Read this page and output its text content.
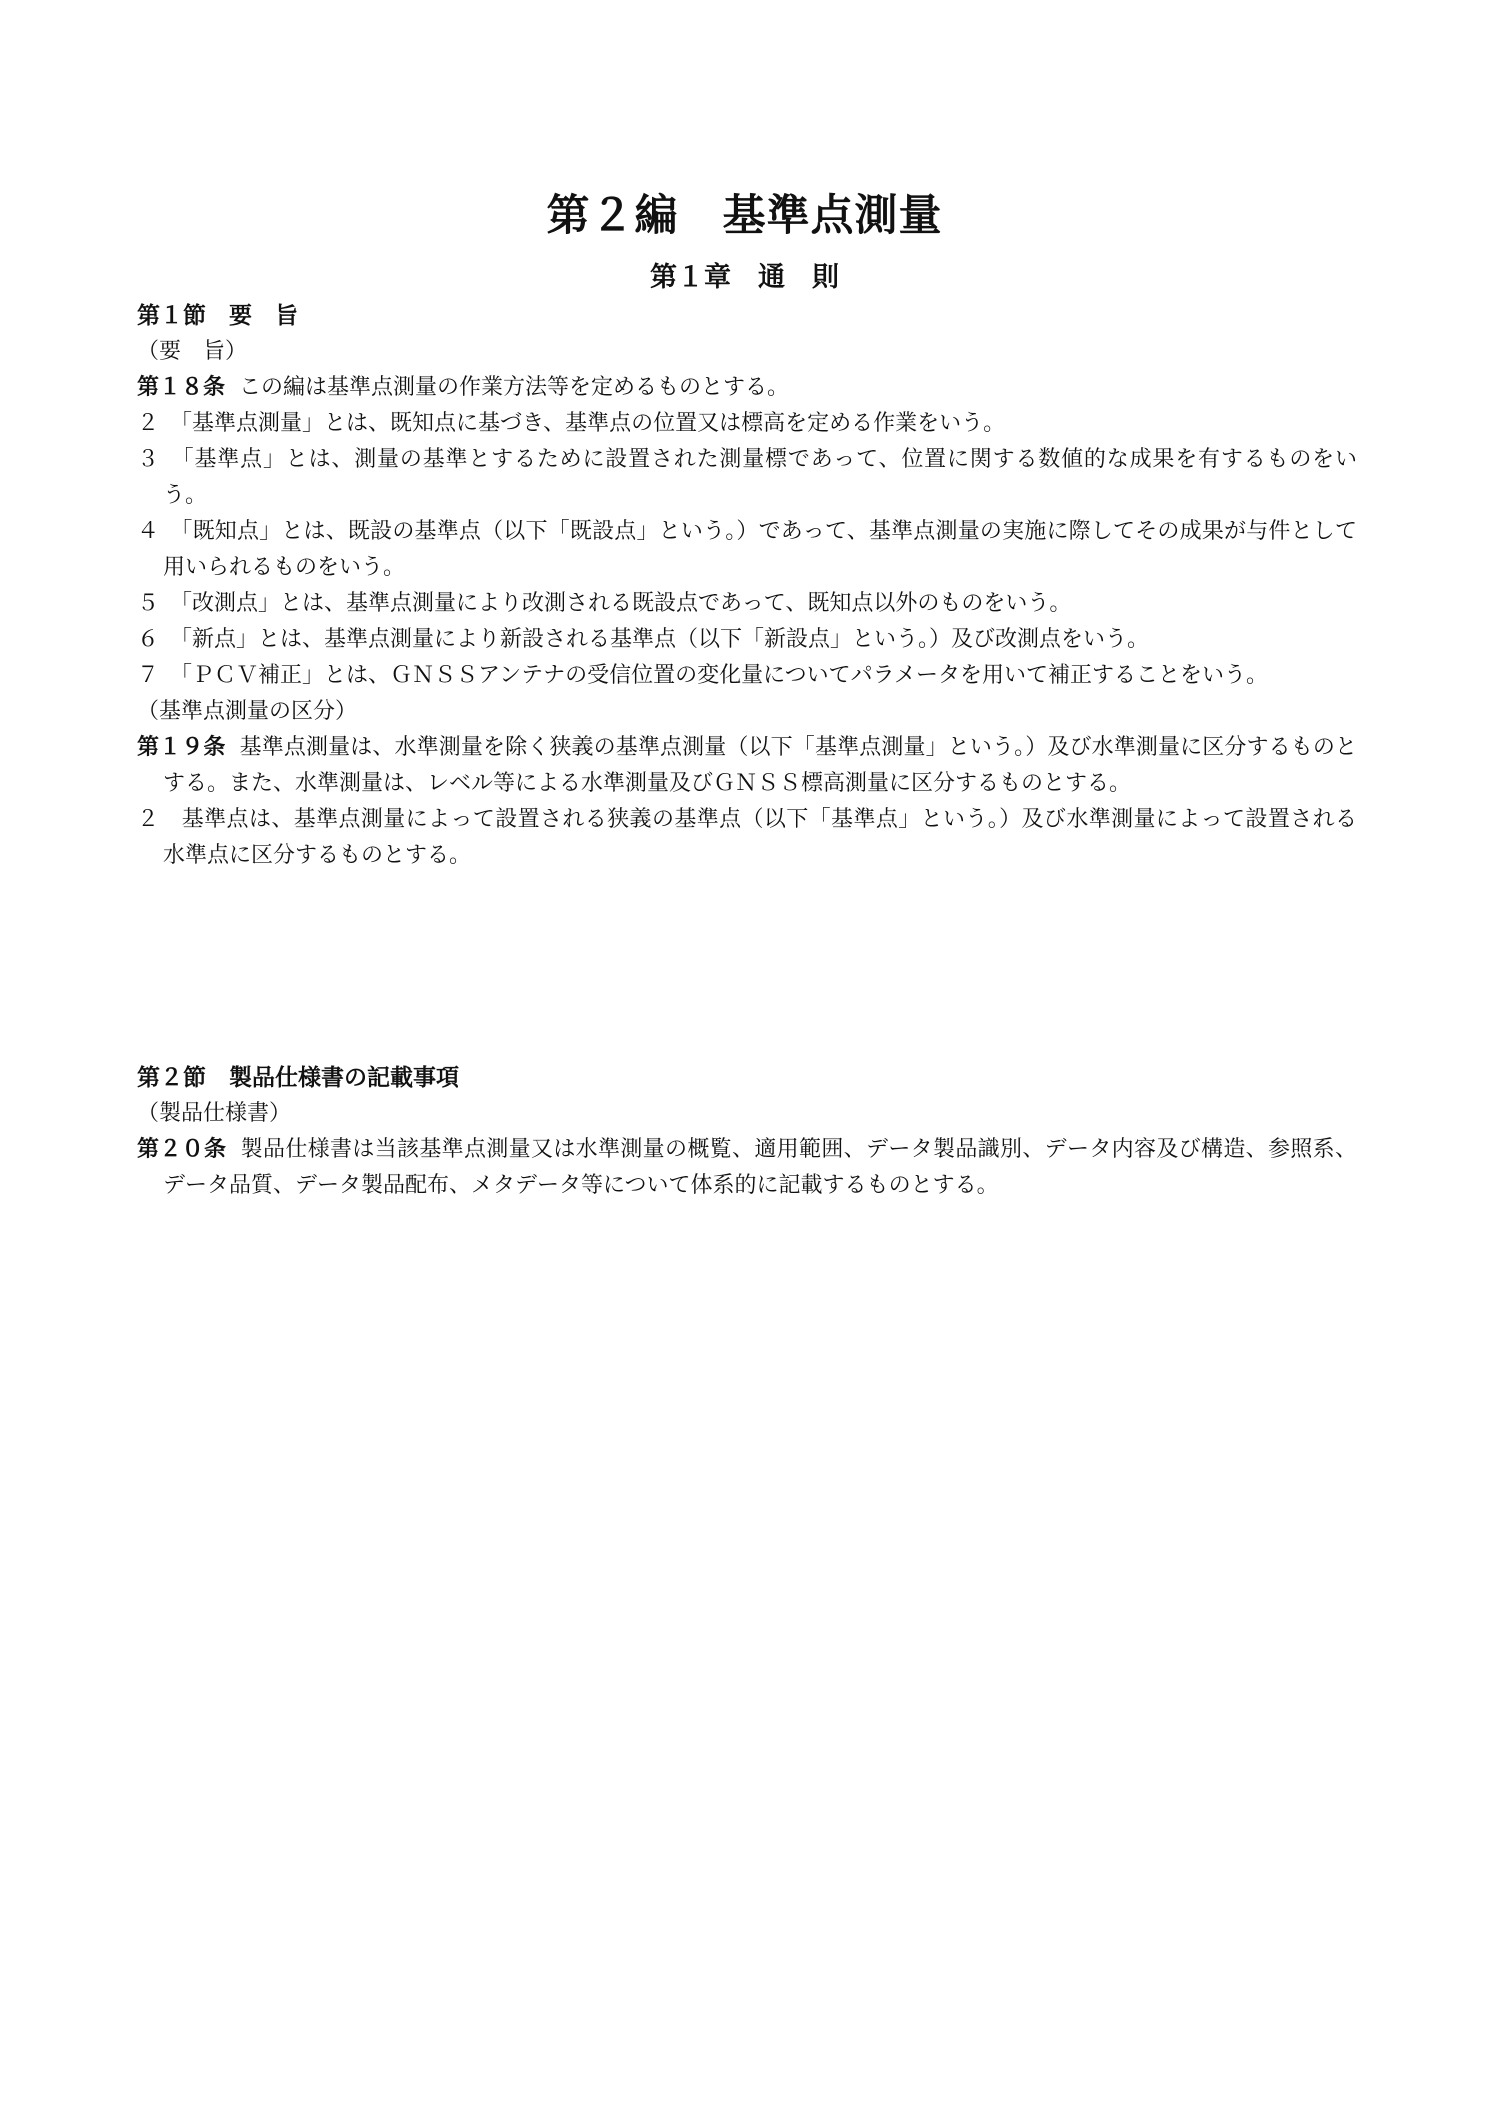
第２編　基準点測量
第１章　通　則

第１節　要　旨

（要　旨）

第１８条 この編は基準点測量の作業方法等を定めるものとする。

２　「基準点測量」とは、既知点に基づき、基準点の位置又は標高を定める作業をいう。

３　「基準点」とは、測量の基準とするために設置された測量標であって、位置に関する数値的な成果を有するものをいう。

４　「既知点」とは、既設の基準点（以下「既設点」という。）であって、基準点測量の実施に際してその成果が与件として用いられるものをいう。

５　「改測点」とは、基準点測量により改測される既設点であって、既知点以外のものをいう。

６　「新点」とは、基準点測量により新設される基準点（以下「新設点」という。）及び改測点をいう。

７　「ＰＣＶ補正」とは、ＧＮＳＳアンテナの受信位置の変化量についてパラメータを用いて補正することをいう。

（基準点測量の区分）

第１９条 基準点測量は、水準測量を除く狭義の基準点測量（以下「基準点測量」という。）及び水準測量に区分するものとする。また、水準測量は、レベル等による水準測量及びＧＮＳＳ標高測量に区分するものとする。

２　基準点は、基準点測量によって設置される狭義の基準点（以下「基準点」という。）及び水準測量によって設置される水準点に区分するものとする。

第２節　製品仕様書の記載事項

（製品仕様書）

第２０条 製品仕様書は当該基準点測量又は水準測量の概覧、適用範囲、データ製品識別、データ内容及び構造、参照系、データ品質、データ製品配布、メタデータ等について体系的に記載するものとする。
